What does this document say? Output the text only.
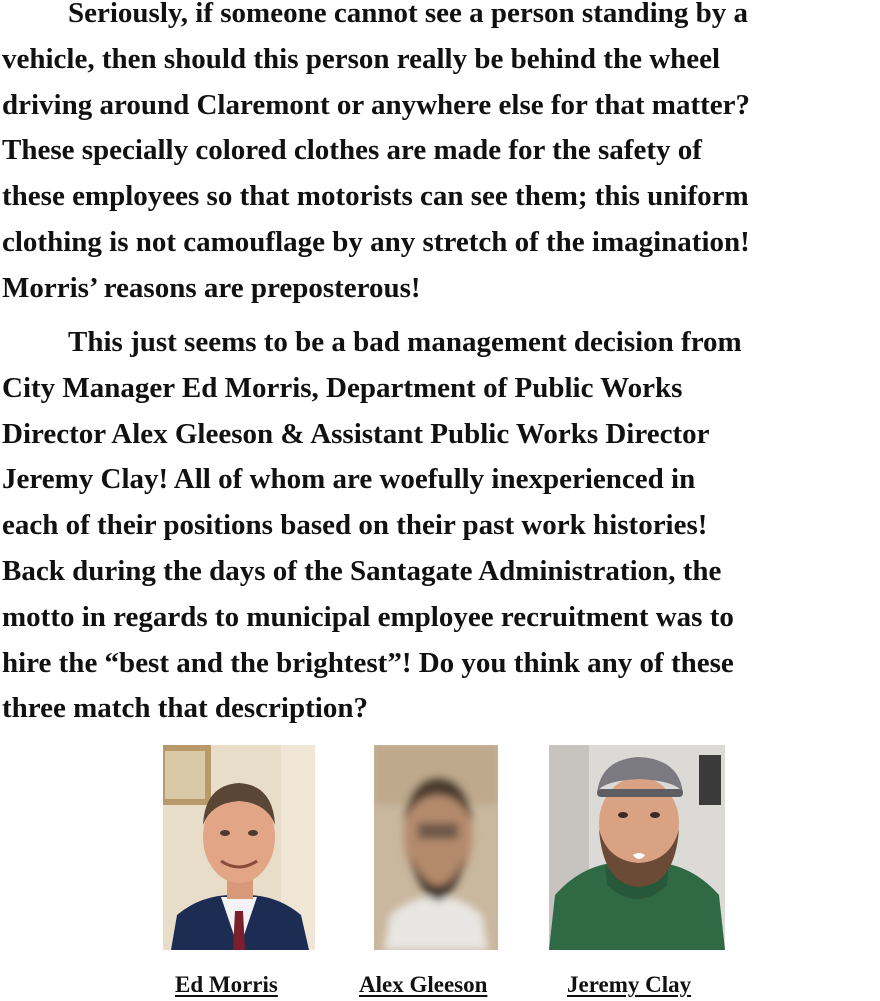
Seriously, if someone cannot see a person standing by a
vehicle, then should this person really be behind the wheel
driving around Claremont or anywhere else for that matter?
These specially colored clothes are made for the safety of
these employees so that motorists can see them; this uniform
clothing is not camouflage by any stretch of the imagination!
Morris’ reasons are preposterous!
This just seems to be a bad management decision from
City Manager Ed Morris, Department of Public Works
Director Alex Gleeson & Assistant Public Works Director
Jeremy Clay! All of whom are woefully inexperienced in
each of their positions based on their past work histories!
Back during the days of the Santagate Administration, the
motto in regards to municipal employee recruitment was to
hire the “best and the brightest”! Do you think any of these
three match that description?
Ed Morris	Alex Gleeson	Jeremy Clay
